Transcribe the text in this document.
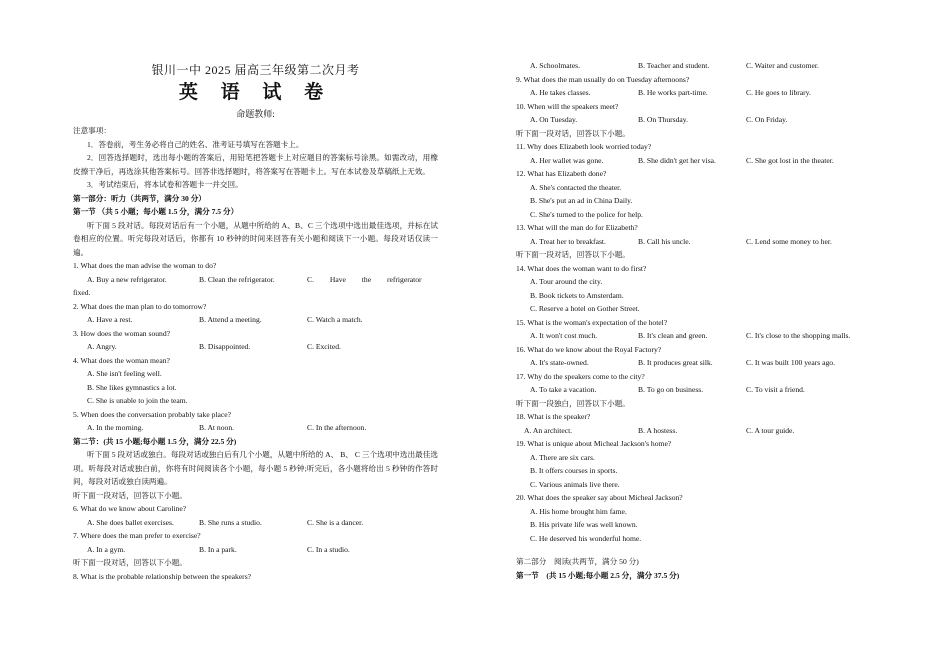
银川一中 2025 届高三年级第二次月考
英 语 试 卷
命题教师:
注意事项：
1．答卷前，考生务必将自己的姓名、准考证号填写在答题卡上。
2．回答选择题时，选出每小题的答案后，用铅笔把答题卡上对应题目的答案标号涂黑。如需改动，用橡皮擦干净后，再选涂其他答案标号。回答非选择题时，将答案写在答题卡上。写在本试卷及草稿纸上无效。
3．考试结束后，将本试卷和答题卡一并交回。
第一部分：听力（共两节，满分 30 分）
第一节 （共 5 小题；每小题 1.5 分，满分 7.5 分）
听下面 5 段对话。每段对话后有一个小题，从题中所给的 A、B、C 三个选项中选出最佳选项，并标在试卷相应的位置。听完每段对话后，你都有 10 秒钟的时间来回答有关小题和阅读下一小题。每段对话仅读一遍。
1. What does the man advise the woman to do?
A. Buy a new refrigerator.	B. Clean the refrigerator.	C. Have the refrigerator
fixed.
2. What does the man plan to do tomorrow?
A. Have a rest.	B. Attend a meeting.	C. Watch a match.
3. How does the woman sound?
A. Angry.	B. Disappointed.	C. Excited.
4. What does the woman mean?
A. She isn't feeling well.
B. She likes gymnastics a lot.
C. She is unable to join the team.
5. When does the conversation probably take place?
A. In the morning.	B. At noon.	C. In the afternoon.
第二节：(共 15 小题;每小题 1.5 分，满分 22.5 分)
听下面 5 段对话或独白。每段对话或独白后有几个小题，从题中所给的 A、 B、 C 三个选项中选出最佳选项。听每段对话或独白前，你将有时间阅读各个小题，每小题 5 秒钟;听完后，各小题将给出 5 秒钟的作答时间，每段对话或独白读两遍。
听下面一段对话，回答以下小题。
6. What do we know about Caroline?
A. She does ballet exercises.	B. She runs a studio.	C. She is a dancer.
7. Where does the man prefer to exercise?
A. In a gym.	B. In a park.	C. In a studio.
听下面一段对话，回答以下小题。
8. What is the probable relationship between the speakers?
A. Schoolmates.	B. Teacher and student.	C. Waiter and customer.
9. What does the man usually do on Tuesday afternoons?
A. He takes classes.	B. He works part-time.	C. He goes to library.
10. When will the speakers meet?
A. On Tuesday.	B. On Thursday.	C. On Friday.
听下面一段对话，回答以下小题。
11. Why does Elizabeth look worried today?
A. Her wallet was gone.	B. She didn't get her visa.	C. She got lost in the theater.
12. What has Elizabeth done?
A. She's contacted the theater.
B. She's put an ad in China Daily.
C. She's turned to the police for help.
13. What will the man do for Elizabeth?
A. Treat her to breakfast.	B. Call his uncle.	C. Lend some money to her.
听下面一段对话，回答以下小题。
14. What does the woman want to do first?
A. Tour around the city.
B. Book tickets to Amsterdam.
C. Reserve a hotel on Gother Street.
15. What is the woman's expectation of the hotel?
A. It won't cost much.	B. It's clean and green.	C. It's close to the shopping malls.
16. What do we know about the Royal Factory?
A. It's state-owned.	B. It produces great silk.	C. It was built 100 years ago.
17. Why do the speakers come to the city?
A. To take a vacation.	B. To go on business.	C. To visit a friend.
听下面一段独白，回答以下小题。
18. What is the speaker?
A. An architect.	B. A hostess.	C. A tour guide.
19. What is unique about Micheal Jackson's home?
A. There are six cars.
B. It offers courses in sports.
C. Various animals live there.
20. What does the speaker say about Micheal Jackson?
A. His home brought him fame.
B. His private life was well known.
C. He deserved his wonderful home.
第二部分　阅读(共两节，满分 50 分)
第一节　(共 15 小题;每小题 2.5 分，满分 37.5 分)
